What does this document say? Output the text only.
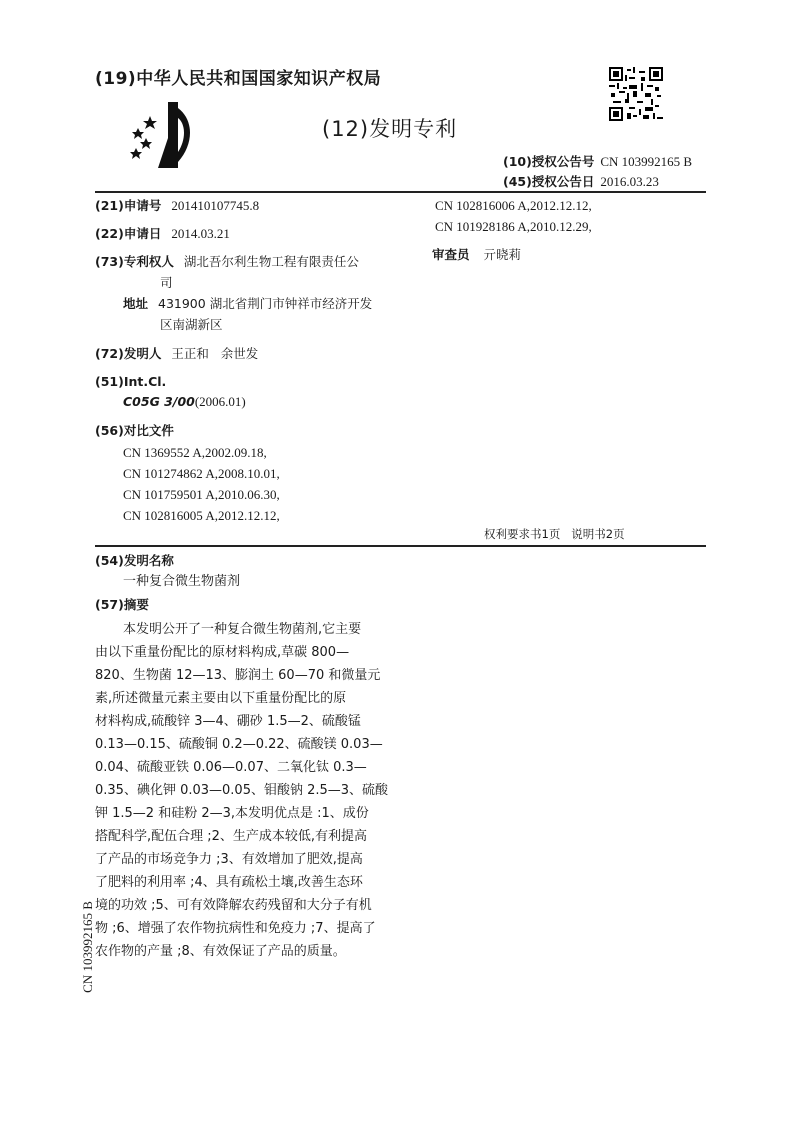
(19)中华人民共和国国家知识产权局
(12)发明专利
(10)授权公告号 CN 103992165 B
(45)授权公告日 2016.03.23
(21)申请号 201410107745.8
(22)申请日 2014.03.21
(73)专利权人 湖北吾尔利生物工程有限责任公
司
地址 431900 湖北省荆门市钟祥市经济开发
区南湖新区
(72)发明人 王正和   余世发
(51)Int.Cl.
C05G 3/00(2006.01)
(56)对比文件
CN 1369552 A,2002.09.18,
CN 101274862 A,2008.10.01,
CN 101759501 A,2010.06.30,
CN 102816005 A,2012.12.12,
CN 102816006 A,2012.12.12,
CN 101928186 A,2010.12.29,
审查员 亓晓莉
权利要求书1页   说明书2页
(54)发明名称
一种复合微生物菌剂
(57)摘要
本发明公开了一种复合微生物菌剂,它主要
由以下重量份配比的原材料构成,草碳 800—
820、生物菌 12—13、膨润土 60—70 和微量元
素,所述微量元素主要由以下重量份配比的原
材料构成,硫酸锌 3—4、硼砂 1.5—2、硫酸锰
0.13—0.15、硫酸铜 0.2—0.22、硫酸镁 0.03—
0.04、硫酸亚铁 0.06—0.07、二氧化钛 0.3—
0.35、碘化钾 0.03—0.05、钼酸钠 2.5—3、硫酸
钾 1.5—2 和硅粉 2—3,本发明优点是 :1、成份
搭配科学,配伍合理 ;2、生产成本较低,有利提高
了产品的市场竞争力 ;3、有效增加了肥效,提高
了肥料的利用率 ;4、具有疏松土壤,改善生态环
境的功效 ;5、可有效降解农药残留和大分子有机
物 ;6、增强了农作物抗病性和免疫力 ;7、提高了
农作物的产量 ;8、有效保证了产品的质量。
CN 103992165 B
